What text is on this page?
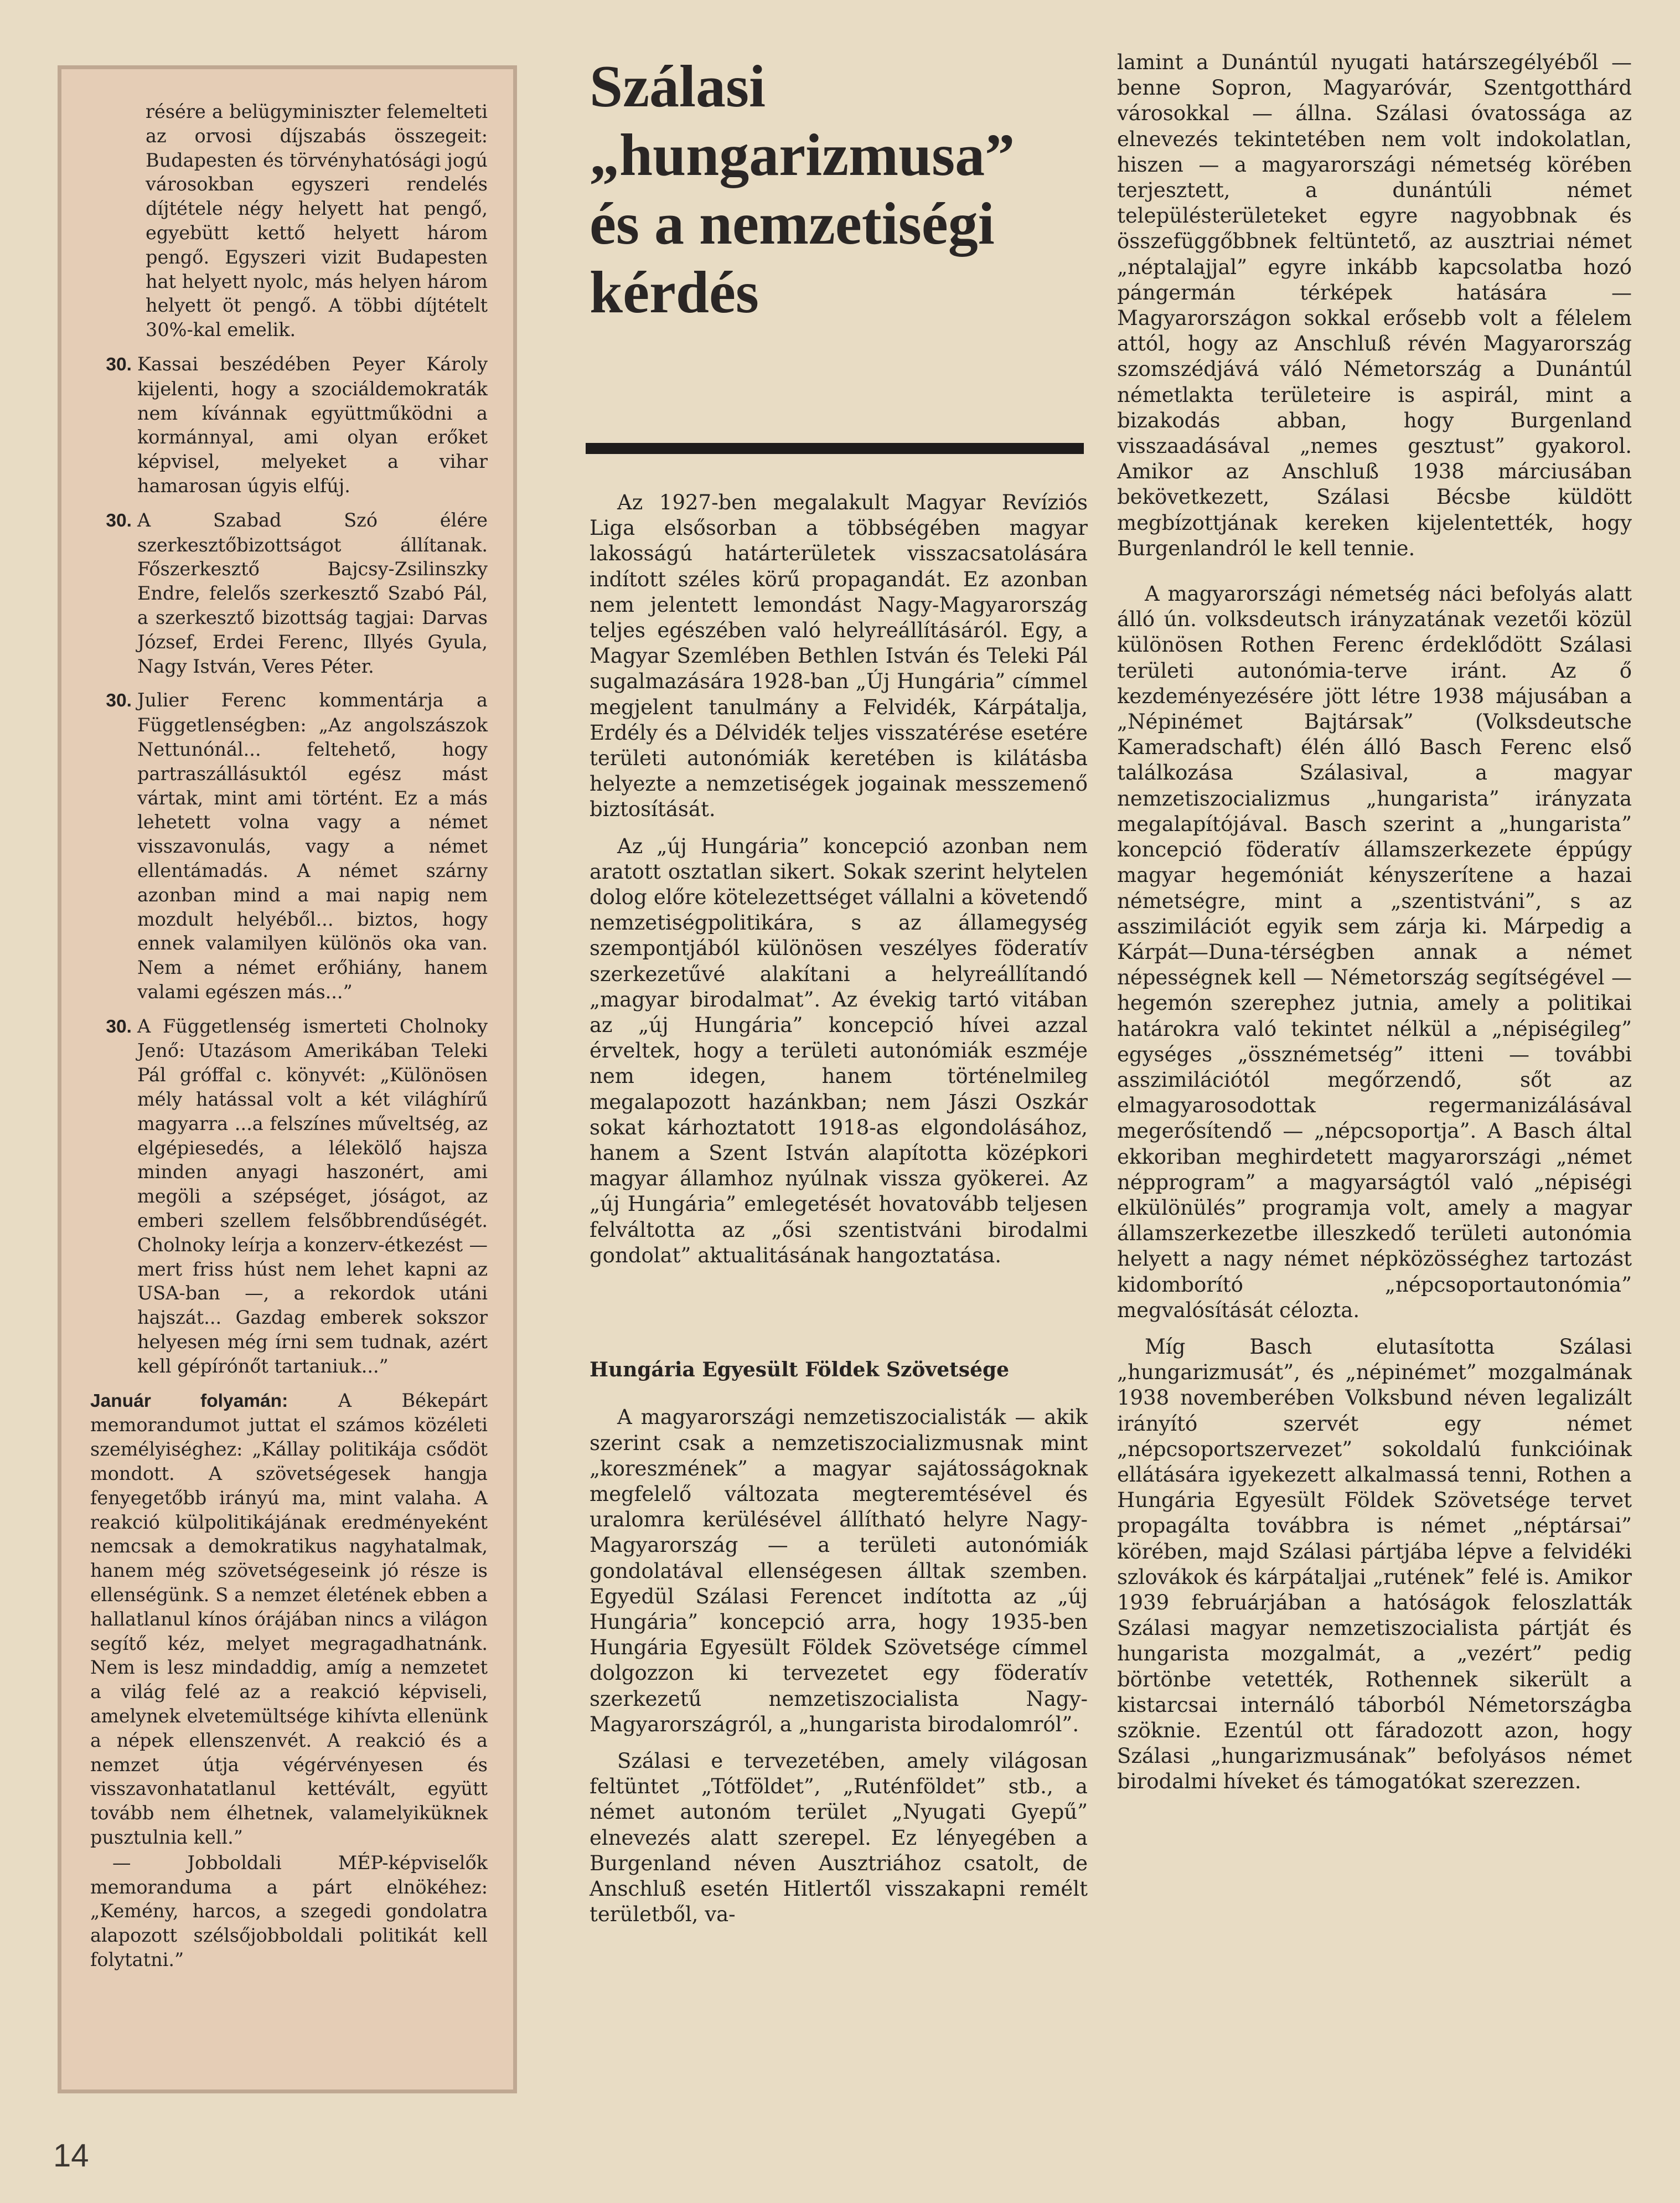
résére a belügyminiszter felemelteti az orvosi díjszabás összegeit: Budapesten és törvényhatósági jogú városokban egyszeri rendelés díjtétele négy helyett hat pengő, egyebütt kettő helyett három pengő. Egyszeri vizit Budapesten hat helyett nyolc, más helyen három helyett öt pengő. A többi díjtételt 30%-kal emelik.

30. Kassai beszédében Peyer Károly kijelenti, hogy a szociáldemokraták nem kívánnak együttműködni a kormánnyal, ami olyan erőket képvisel, melyeket a vihar hamarosan úgyis elfúj.

30. A Szabad Szó élére szerkesztőbizottságot állítanak. Főszerkesztő Bajcsy-Zsilinszky Endre, felelős szerkesztő Szabó Pál, a szerkesztő bizottság tagjai: Darvas József, Erdei Ferenc, Illyés Gyula, Nagy István, Veres Péter.

30. Julier Ferenc kommentárja a Függetlenségben: „Az angolszászok Nettunónál... feltehető, hogy partraszállásuktól egész mást vártak, mint ami történt. Ez a más lehetett volna vagy a német visszavonulás, vagy a német ellentámadás. A német szárny azonban mind a mai napig nem mozdult helyéből... biztos, hogy ennek valamilyen különös oka van. Nem a német erőhiány, hanem valami egészen más...”

30. A Függetlenség ismerteti Cholnoky Jenő: Utazásom Amerikában Teleki Pál gróffal c. könyvét: „Különösen mély hatással volt a két világhírű magyarra ...a felszínes műveltség, az elgépiesedés, a lélekölő hajsza minden anyagi haszonért, ami megöli a szépséget, jóságot, az emberi szellem felsőbbrendűségét. Cholnoky leírja a konzerv-étkezést — mert friss húst nem lehet kapni az USA-ban —, a rekordok utáni hajszát... Gazdag emberek sokszor helyesen még írni sem tudnak, azért kell gépírónőt tartaniuk...”

Január folyamán:	A Békepárt memorandumot juttat el számos közéleti személyiséghez: „Kállay politikája csődöt mondott. A szövetségesek hangja fenyegetőbb irányú ma, mint valaha. A reakció külpolitikájának eredményeként nemcsak a demokratikus nagyhatalmak, hanem még szövetségeseink jó része is ellenségünk. S a nemzet életének ebben a hallatlanul kínos órájában nincs a világon segítő kéz, melyet megragadhatnánk. Nem is lesz mindaddig, amíg a nemzetet a világ felé az a reakció képviseli, amelynek elvetemültsége kihívta ellenünk a népek ellenszenvét. A reakció és a nemzet útja végérvényesen és visszavonhatatlanul kettévált, együtt tovább nem élhetnek, valamelyiküknek pusztulnia kell.”
— Jobboldali MÉP-képviselők memoranduma a párt elnökéhez: „Kemény, harcos, a szegedi gondolatra alapozott szélsőjobboldali politikát kell folytatni.”

14
Szálasi
„hungarizmusa”
és a nemzetiségi
kérdés

Az 1927-ben megalakult Magyar Revíziós Liga elsősorban a többségében magyar lakosságú határterületek visszacsatolására indított széles körű propagandát. Ez azonban nem jelentett lemondást Nagy-Magyarország teljes egészében való helyreállításáról. Egy, a Magyar Szemlében Bethlen István és Teleki Pál sugalmazására 1928-ban „Új Hungária” címmel megjelent tanulmány a Felvidék, Kárpátalja, Erdély és a Délvidék teljes visszatérése esetére területi autonómiák keretében is kilátásba helyezte a nemzetiségek jogainak messzemenő biztosítását.

Az „új Hungária” koncepció azonban nem aratott osztatlan sikert. Sokak szerint helytelen dolog előre kötelezettséget vállalni a követendő nemzetiségpolitikára, s az államegység szempontjából különösen veszélyes föderatív szerkezetűvé alakítani a helyreállítandó „magyar birodalmat”. Az évekig tartó vitában az „új Hungária” koncepció hívei azzal érveltek, hogy a területi autonómiák eszméje nem idegen, hanem történelmileg megalapozott hazánkban; nem Jászi Oszkár sokat kárhoztatott 1918-as elgondolásához, hanem a Szent István alapította középkori magyar államhoz nyúlnak vissza gyökerei. Az „új Hungária” emlegetését hovatovább teljesen felváltotta az „ősi szentistváni birodalmi gondolat” aktualitásának hangoztatása.

Hungária Egyesült Földek Szövetsége

A magyarországi nemzetiszocialisták — akik szerint csak a nemzetiszocializmusnak mint „koreszmének” a magyar sajátosságoknak megfelelő változata megteremtésével és uralomra kerülésével állítható helyre Nagy-Magyarország — a területi autonómiák gondolatával ellenségesen álltak szemben. Egyedül Szálasi Ferencet indította az „új Hungária” koncepció arra, hogy 1935-ben Hungária Egyesült Földek Szövetsége címmel dolgozzon ki tervezetet egy föderatív szerkezetű nemzetiszocialista Nagy-Magyarországról, a „hungarista birodalomról”.

Szálasi e tervezetében, amely világosan feltüntet „Tótföldet”, „Ruténföldet” stb., a német autonóm terület „Nyugati Gyepű” elnevezés alatt szerepel. Ez lényegében a Burgenland néven Ausztriához csatolt, de Anschluß esetén Hitlertől visszakapni remélt területből, va-

lamint a Dunántúl nyugati határszegélyéből — benne Sopron, Magyaróvár, Szentgotthárd városokkal — állna. Szálasi óvatossága az elnevezés tekintetében nem volt indokolatlan, hiszen — a magyarországi németség körében terjesztett, a dunántúli német településterületeket egyre nagyobbnak és összefüggőbbnek feltüntető, az ausztriai német „néptalajjal” egyre inkább kapcsolatba hozó pángermán térképek hatására — Magyarországon sokkal erősebb volt a félelem attól, hogy az Anschluß révén Magyarország szomszédjává váló Németország a Dunántúl németlakta területeire is aspirál, mint a bizakodás abban, hogy Burgenland visszaadásával „nemes gesztust” gyakorol. Amikor az Anschluß 1938 márciusában bekövetkezett, Szálasi Bécsbe küldött megbízottjának kereken kijelentették, hogy Burgenlandról le kell tennie.

A magyarországi németség náci befolyás alatt álló ún. volksdeutsch irányzatának vezetői közül különösen Rothen Ferenc érdeklődött Szálasi területi autonómia-terve iránt. Az ő kezdeményezésére jött létre 1938 májusában a „Népinémet Bajtársak” (Volksdeutsche Kameradschaft) élén álló Basch Ferenc első találkozása Szálasival, a magyar nemzetiszocializmus „hungarista” irányzata megalapítójával. Basch szerint a „hungarista” koncepció föderatív államszerkezete éppúgy magyar hegemóniát kényszerítene a hazai németségre, mint a „szentistváni”, s az asszimilációt egyik sem zárja ki. Márpedig a Kárpát—Duna-térségben annak a német népességnek kell — Németország segítségével — hegemón szerephez jutnia, amely a politikai határokra való tekintet nélkül a „népiségileg” egységes „össznémetség” itteni — további asszimilációtól megőrzendő, sőt az elmagyarosodottak regermanizálásával megerősítendő — „népcsoportja”. A Basch által ekkoriban meghirdetett magyarországi „német népprogram” a magyarságtól való „népiségi elkülönülés” programja volt, amely a magyar államszerkezetbe illeszkedő területi autonómia helyett a nagy német népközösséghez tartozást kidomborító „népcsoportautonómia” megvalósítását célozta.

Míg Basch elutasította Szálasi „hungarizmusát”, és „népinémet” mozgalmának 1938 novemberében Volksbund néven legalizált irányító szervét egy német „népcsoportszervezet” sokoldalú funkcióinak ellátására igyekezett alkalmassá tenni, Rothen a Hungária Egyesült Földek Szövetsége tervet propagálta továbbra is német „néptársai” körében, majd Szálasi pártjába lépve a felvidéki szlovákok és kárpátaljai „ruténekˮ felé is. Amikor 1939 februárjában a hatóságok feloszlatták Szálasi magyar nemzetiszocialista pártját és hungarista mozgalmát, a „vezért” pedig börtönbe vetették, Rothennek sikerült a kistarcsai internáló táborból Németországba szöknie. Ezentúl ott fáradozott azon, hogy Szálasi „hungarizmusának” befolyásos német birodalmi híveket és támogatókat szerezzen.
